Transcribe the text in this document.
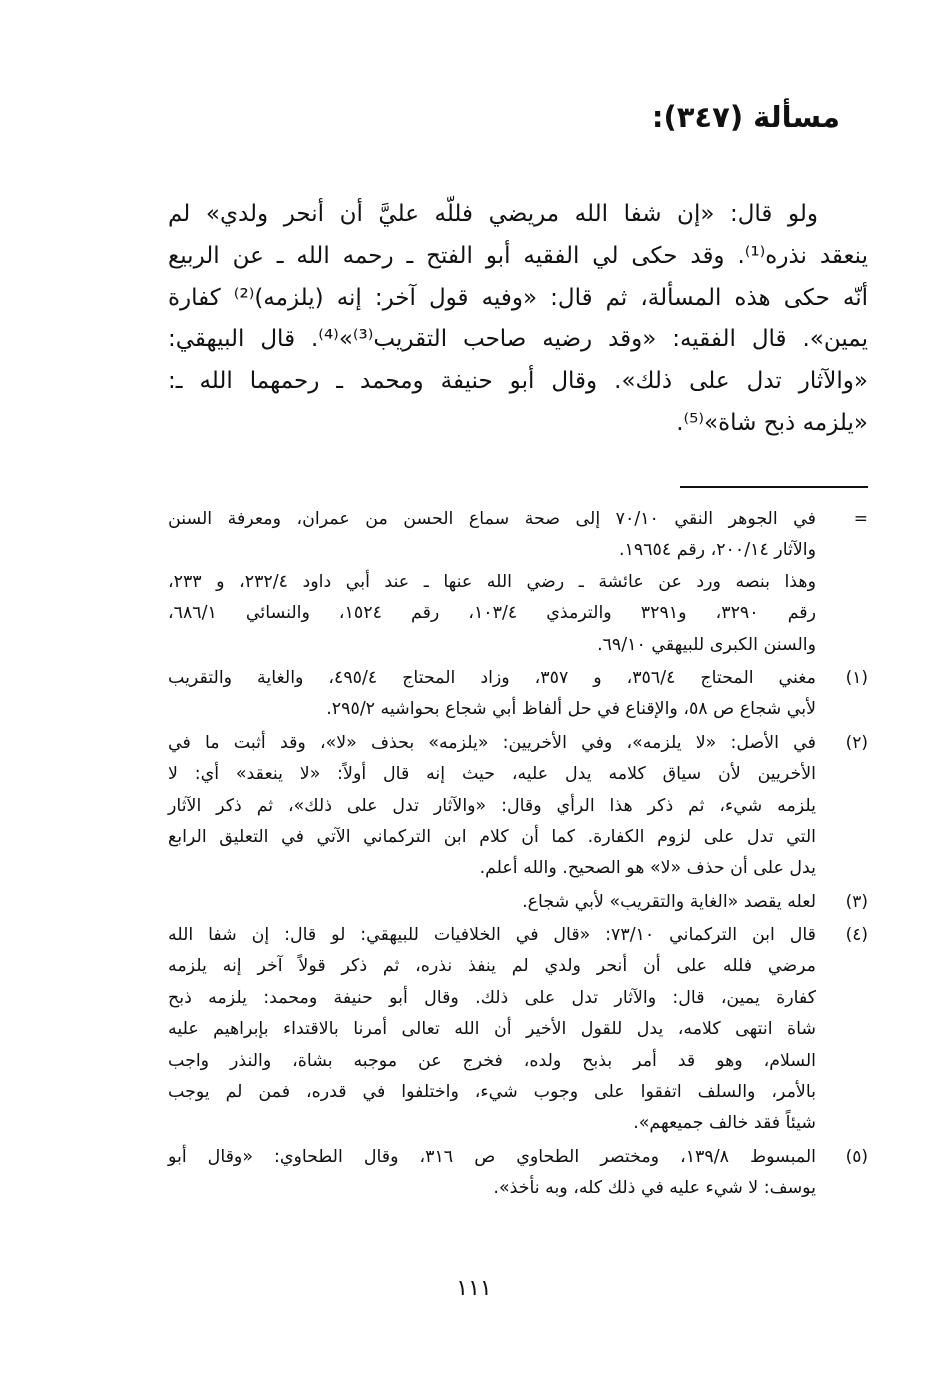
مسألة (٣٤٧):
ولو قال: «إن شفا الله مريضي فللّه عليَّ أن أنحر ولدي» لم
ينعقد نذره⁽¹⁾. وقد حكى لي الفقيه أبو الفتح ـ رحمه الله ـ عن الربيع
أنّه حكى هذه المسألة، ثم قال: «وفيه قول آخر: إنه (يلزمه)⁽²⁾ كفارة
يمين». قال الفقيه: «وقد رضيه صاحب التقريب⁽³⁾»⁽⁴⁾. قال البيهقي:
«والآثار تدل على ذلك». وقال أبو حنيفة ومحمد ـ رحمهما الله ـ:
«يلزمه ذبح شاة»⁽⁵⁾.
=
في الجوهر النقي ٧٠/١٠ إلى صحة سماع الحسن من عمران، ومعرفة السنن
والآثار ٢٠٠/١٤، رقم ١٩٦٥٤.
وهذا بنصه ورد عن عائشة ـ رضي الله عنها ـ عند أبي داود ٢٣٢/٤، و ٢٣٣،
رقم ٣٢٩٠، و٣٢٩١ والترمذي ١٠٣/٤، رقم ١٥٢٤، والنسائي ٦٨٦/١،
والسنن الكبرى للبيهقي ٦٩/١٠.
(١)
مغني المحتاج ٣٥٦/٤، و ٣٥٧، وزاد المحتاج ٤٩٥/٤، والغاية والتقريب
لأبي شجاع ص ٥٨، والإقناع في حل ألفاظ أبي شجاع بحواشيه ٢٩٥/٢.
(٢)
في الأصل: «لا يلزمه»، وفي الأخريين: «يلزمه» بحذف «لا»، وقد أثبت ما في
الأخريين لأن سياق كلامه يدل عليه، حيث إنه قال أولاً: «لا ينعقد» أي: لا
يلزمه شيء، ثم ذكر هذا الرأي وقال: «والآثار تدل على ذلك»، ثم ذكر الآثار
التي تدل على لزوم الكفارة. كما أن كلام ابن التركماني الآتي في التعليق الرابع
يدل على أن حذف «لا» هو الصحيح. والله أعلم.
(٣)
لعله يقصد «الغاية والتقريب» لأبي شجاع.
(٤)
قال ابن التركماني ٧٣/١٠: «قال في الخلافيات للبيهقي: لو قال: إن شفا الله
مرضي فلله على أن أنحر ولدي لم ينفذ نذره، ثم ذكر قولاً آخر إنه يلزمه
كفارة يمين، قال: والآثار تدل على ذلك. وقال أبو حنيفة ومحمد: يلزمه ذبح
شاة انتهى كلامه، يدل للقول الأخير أن الله تعالى أمرنا بالاقتداء بإبراهيم عليه
السلام، وهو قد أمر بذبح ولده، فخرج عن موجبه بشاة، والنذر واجب
بالأمر، والسلف اتفقوا على وجوب شيء، واختلفوا في قدره، فمن لم يوجب
شيئاً فقد خالف جميعهم».
(٥)
المبسوط ١٣٩/٨، ومختصر الطحاوي ص ٣١٦، وقال الطحاوي: «وقال أبو
يوسف: لا شيء عليه في ذلك كله، وبه نأخذ».
١١١
